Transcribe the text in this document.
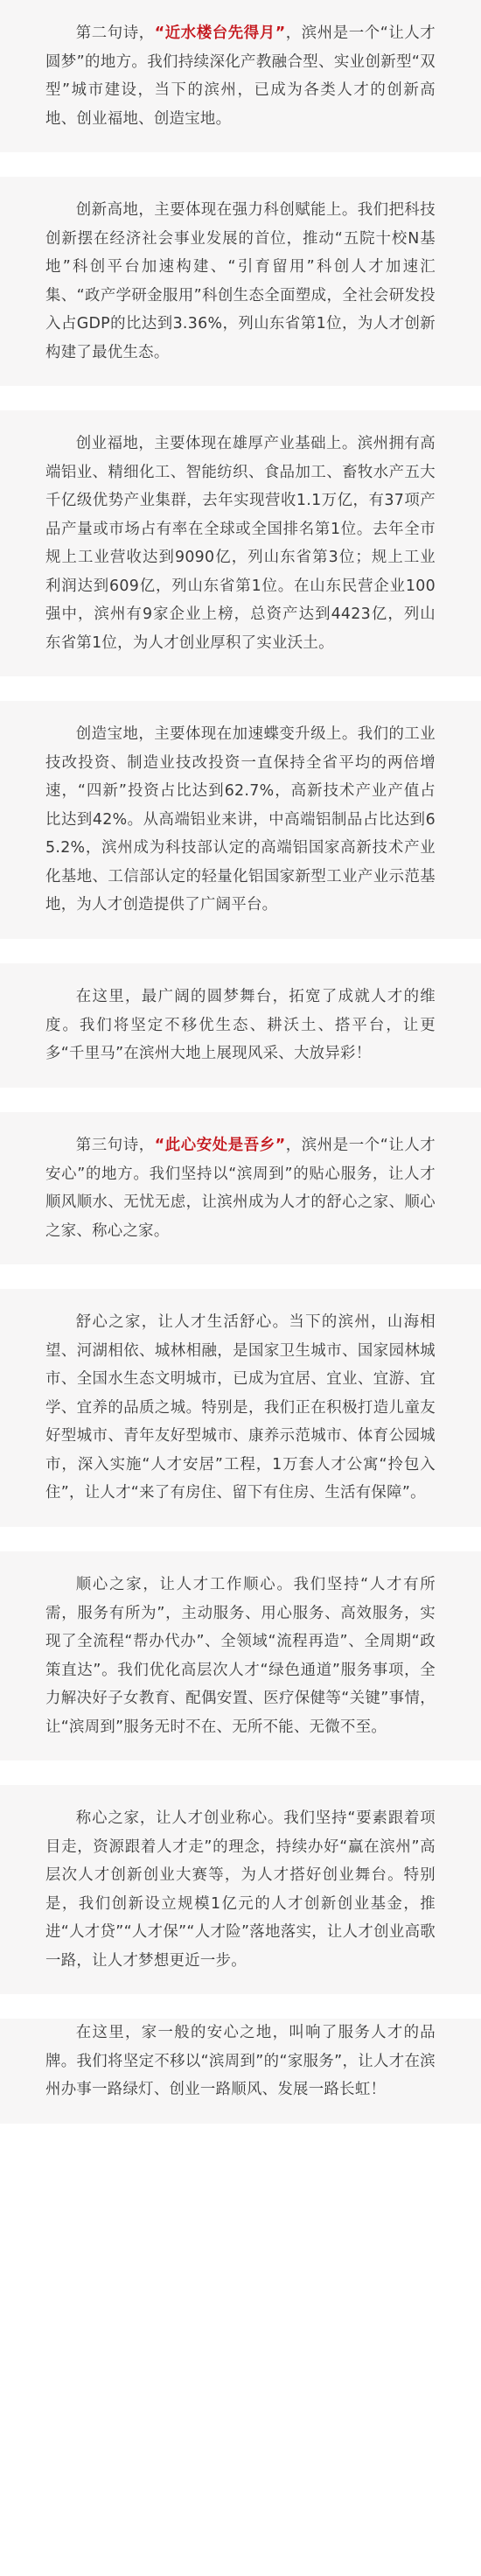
第二句诗，“近水楼台先得月”，滨州是一个“让人才圆梦”的地方。我们持续深化产教融合型、实业创新型“双型”城市建设，当下的滨州，已成为各类人才的创新高地、创业福地、创造宝地。

创新高地，主要体现在强力科创赋能上。我们把科技创新摆在经济社会事业发展的首位，推动“五院十校N基地”科创平台加速构建、“引育留用”科创人才加速汇集、“政产学研金服用”科创生态全面塑成，全社会研发投入占GDP的比达到3.36%，列山东省第1位，为人才创新构建了最优生态。

创业福地，主要体现在雄厚产业基础上。滨州拥有高端铝业、精细化工、智能纺织、食品加工、畜牧水产五大千亿级优势产业集群，去年实现营收1.1万亿，有37项产品产量或市场占有率在全球或全国排名第1位。去年全市规上工业营收达到9090亿，列山东省第3位；规上工业利润达到609亿，列山东省第1位。在山东民营企业100强中，滨州有9家企业上榜，总资产达到4423亿，列山东省第1位，为人才创业厚积了实业沃土。

创造宝地，主要体现在加速蝶变升级上。我们的工业技改投资、制造业技改投资一直保持全省平均的两倍增速，“四新”投资占比达到62.7%，高新技术产业产值占比达到42%。从高端铝业来讲，中高端铝制品占比达到65.2%，滨州成为科技部认定的高端铝国家高新技术产业化基地、工信部认定的轻量化铝国家新型工业产业示范基地，为人才创造提供了广阔平台。

在这里，最广阔的圆梦舞台，拓宽了成就人才的维度。我们将坚定不移优生态、耕沃土、搭平台，让更多“千里马”在滨州大地上展现风采、大放异彩！

第三句诗，“此心安处是吾乡”，滨州是一个“让人才安心”的地方。我们坚持以“滨周到”的贴心服务，让人才顺风顺水、无忧无虑，让滨州成为人才的舒心之家、顺心之家、称心之家。

舒心之家，让人才生活舒心。当下的滨州，山海相望、河湖相依、城林相融，是国家卫生城市、国家园林城市、全国水生态文明城市，已成为宜居、宜业、宜游、宜学、宜养的品质之城。特别是，我们正在积极打造儿童友好型城市、青年友好型城市、康养示范城市、体育公园城市，深入实施“人才安居”工程，1万套人才公寓“拎包入住”，让人才“来了有房住、留下有住房、生活有保障”。

顺心之家，让人才工作顺心。我们坚持“人才有所需，服务有所为”，主动服务、用心服务、高效服务，实现了全流程“帮办代办”、全领域“流程再造”、全周期“政策直达”。我们优化高层次人才“绿色通道”服务事项，全力解决好子女教育、配偶安置、医疗保健等“关键”事情，让“滨周到”服务无时不在、无所不能、无微不至。

称心之家，让人才创业称心。我们坚持“要素跟着项目走，资源跟着人才走”的理念，持续办好“赢在滨州”高层次人才创新创业大赛等，为人才搭好创业舞台。特别是，我们创新设立规模1亿元的人才创新创业基金，推进“人才贷”“人才保”“人才险”落地落实，让人才创业高歌一路，让人才梦想更近一步。

在这里，家一般的安心之地，叫响了服务人才的品牌。我们将坚定不移以“滨周到”的“家服务”，让人才在滨州办事一路绿灯、创业一路顺风、发展一路长虹！
